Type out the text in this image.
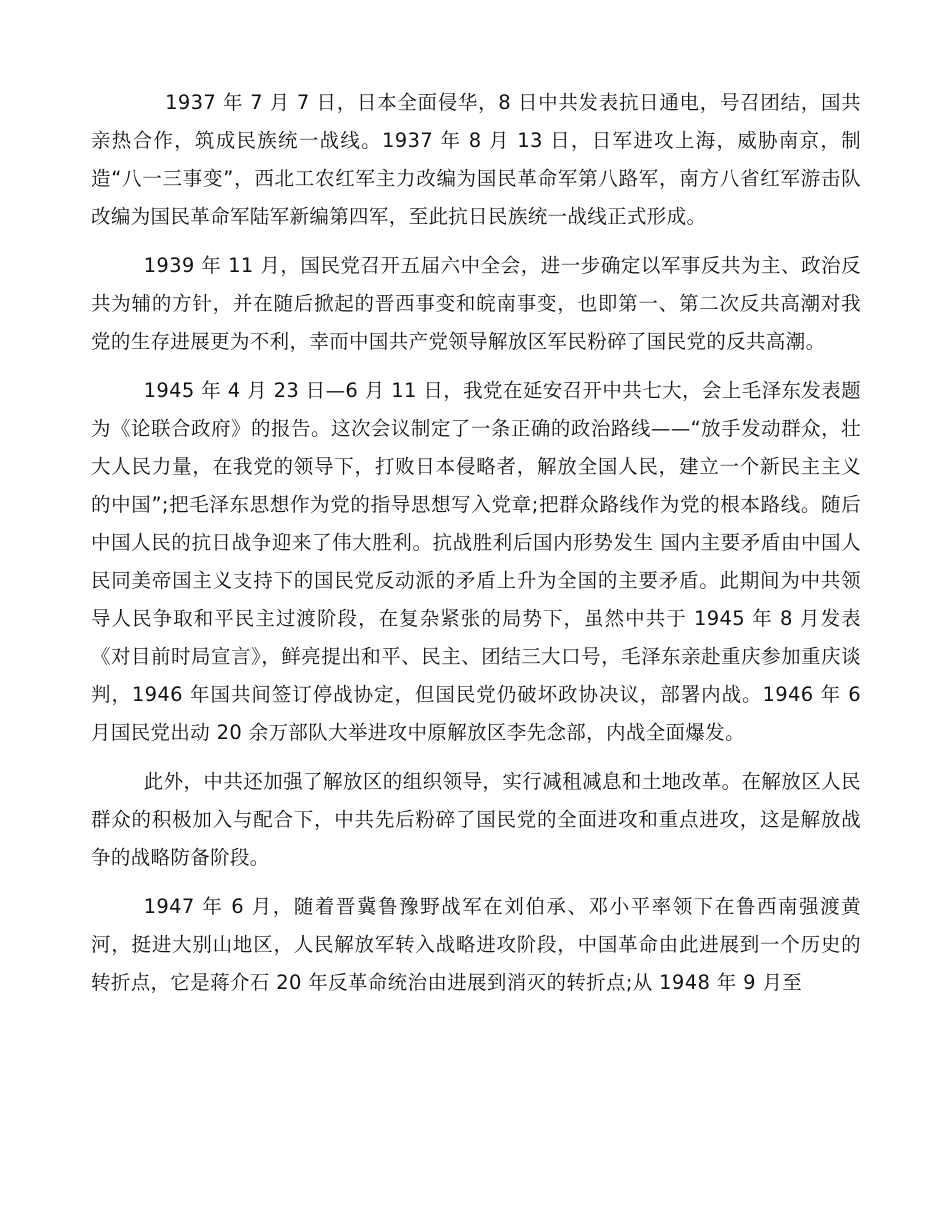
1937 年 7 月 7 日，日本全面侵华，8 日中共发表抗日通电，号召团结，国共亲热合作，筑成民族统一战线。1937 年 8 月 13 日，日军进攻上海，威胁南京，制造“八一三事变”，西北工农红军主力改编为国民革命军第八路军，南方八省红军游击队改编为国民革命军陆军新编第四军，至此抗日民族统一战线正式形成。

1939 年 11 月，国民党召开五届六中全会，进一步确定以军事反共为主、政治反共为辅的方针，并在随后掀起的晋西事变和皖南事变，也即第一、第二次反共高潮对我党的生存进展更为不利，幸而中国共产党领导解放区军民粉碎了国民党的反共高潮。

1945 年 4 月 23 日—6 月 11 日，我党在延安召开中共七大，会上毛泽东发表题为《论联合政府》的报告。这次会议制定了一条正确的政治路线——“放手发动群众，壮大人民力量，在我党的领导下，打败日本侵略者，解放全国人民，建立一个新民主主义的中国”;把毛泽东思想作为党的指导思想写入党章;把群众路线作为党的根本路线。随后中国人民的抗日战争迎来了伟大胜利。抗战胜利后国内形势发生 国内主要矛盾由中国人民同美帝国主义支持下的国民党反动派的矛盾上升为全国的主要矛盾。此期间为中共领导人民争取和平民主过渡阶段，在复杂紧张的局势下，虽然中共于 1945 年 8 月发表《对目前时局宣言》，鲜亮提出和平、民主、团结三大口号，毛泽东亲赴重庆参加重庆谈判，1946 年国共间签订停战协定，但国民党仍破坏政协决议，部署内战。1946 年 6 月国民党出动 20 余万部队大举进攻中原解放区李先念部，内战全面爆发。

此外，中共还加强了解放区的组织领导，实行减租减息和土地改革。在解放区人民群众的积极加入与配合下，中共先后粉碎了国民党的全面进攻和重点进攻，这是解放战争的战略防备阶段。

1947 年 6 月，随着晋冀鲁豫野战军在刘伯承、邓小平率领下在鲁西南强渡黄河，挺进大别山地区，人民解放军转入战略进攻阶段，中国革命由此进展到一个历史的转折点，它是蒋介石 20 年反革命统治由进展到消灭的转折点;从 1948 年 9 月至
